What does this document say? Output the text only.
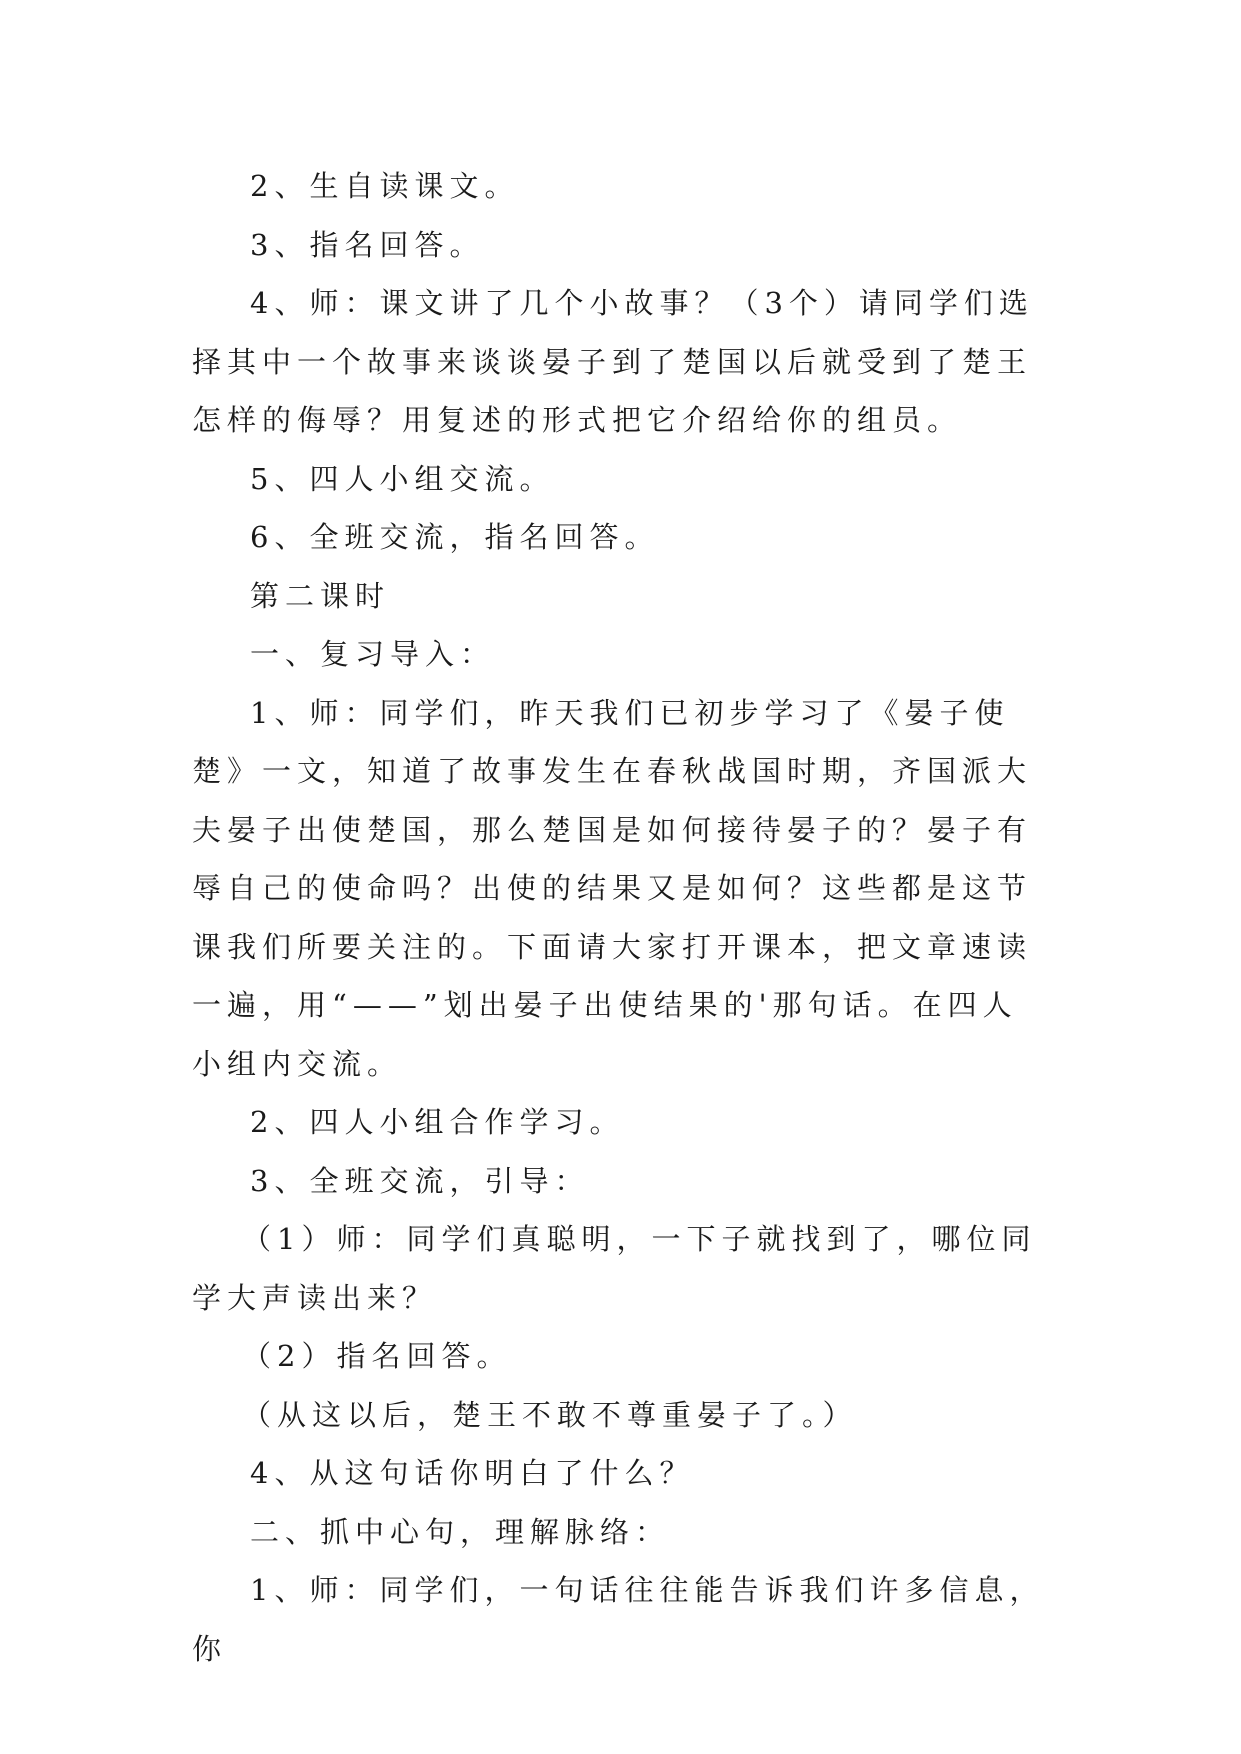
2、生自读课文。

3、指名回答。

4、师：课文讲了几个小故事？（3个）请同学们选择其中一个故事来谈谈晏子到了楚国以后就受到了楚王怎样的侮辱？用复述的形式把它介绍给你的组员。

5、四人小组交流。

6、全班交流，指名回答。

第二课时

一、复习导入：

1、师：同学们，昨天我们已初步学习了《晏子使楚》一文，知道了故事发生在春秋战国时期，齐国派大夫晏子出使楚国，那么楚国是如何接待晏子的？晏子有辱自己的使命吗？出使的结果又是如何？这些都是这节课我们所要关注的。下面请大家打开课本，把文章速读一遍，用“——”划出晏子出使结果的'那句话。在四人小组内交流。

2、四人小组合作学习。

3、全班交流，引导：

（1）师：同学们真聪明，一下子就找到了，哪位同学大声读出来？

（2）指名回答。

（从这以后，楚王不敢不尊重晏子了。）

4、从这句话你明白了什么？

二、抓中心句，理解脉络：

1、师：同学们，一句话往往能告诉我们许多信息，你
